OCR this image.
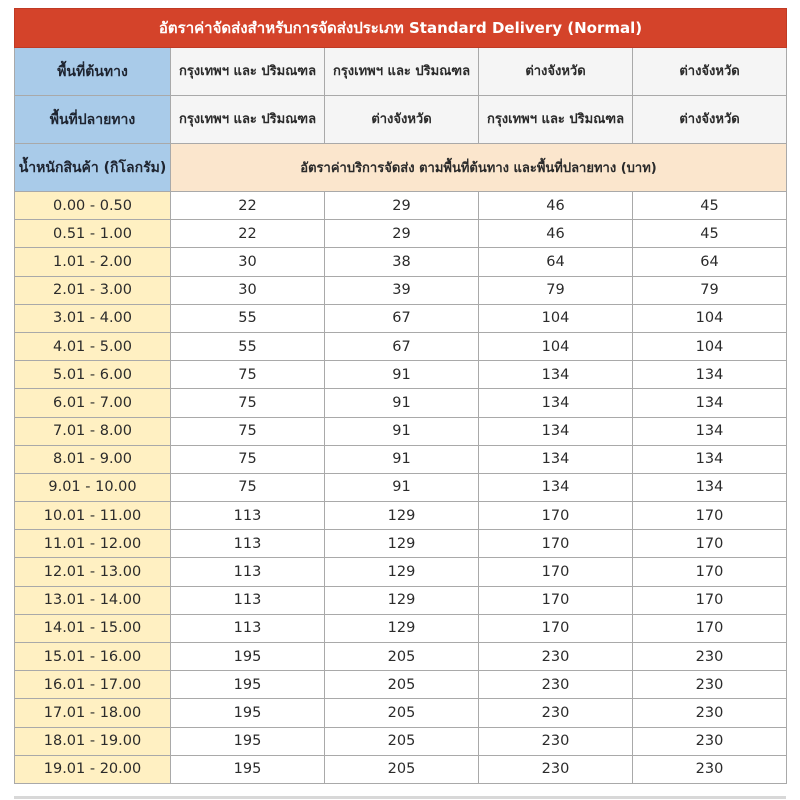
อัตราค่าจัดส่งสำหรับการจัดส่งประเภท Standard Delivery (Normal)				
พื้นที่ต้นทาง	กรุงเทพฯ และ ปริมณฑล	กรุงเทพฯ และ ปริมณฑล	ต่างจังหวัด	ต่างจังหวัด
พื้นที่ปลายทาง	กรุงเทพฯ และ ปริมณฑล	ต่างจังหวัด	กรุงเทพฯ และ ปริมณฑล	ต่างจังหวัด
น้ำหนักสินค้า (กิโลกรัม)	อัตราค่าบริการจัดส่ง ตามพื้นที่ต้นทาง และพื้นที่ปลายทาง (บาท)			
0.00 - 0.50	22	29	46	45
0.51 - 1.00	22	29	46	45
1.01 - 2.00	30	38	64	64
2.01 - 3.00	30	39	79	79
3.01 - 4.00	55	67	104	104
4.01 - 5.00	55	67	104	104
5.01 - 6.00	75	91	134	134
6.01 - 7.00	75	91	134	134
7.01 - 8.00	75	91	134	134
8.01 - 9.00	75	91	134	134
9.01 - 10.00	75	91	134	134
10.01 - 11.00	113	129	170	170
11.01 - 12.00	113	129	170	170
12.01 - 13.00	113	129	170	170
13.01 - 14.00	113	129	170	170
14.01 - 15.00	113	129	170	170
15.01 - 16.00	195	205	230	230
16.01 - 17.00	195	205	230	230
17.01 - 18.00	195	205	230	230
18.01 - 19.00	195	205	230	230
19.01 - 20.00	195	205	230	230
